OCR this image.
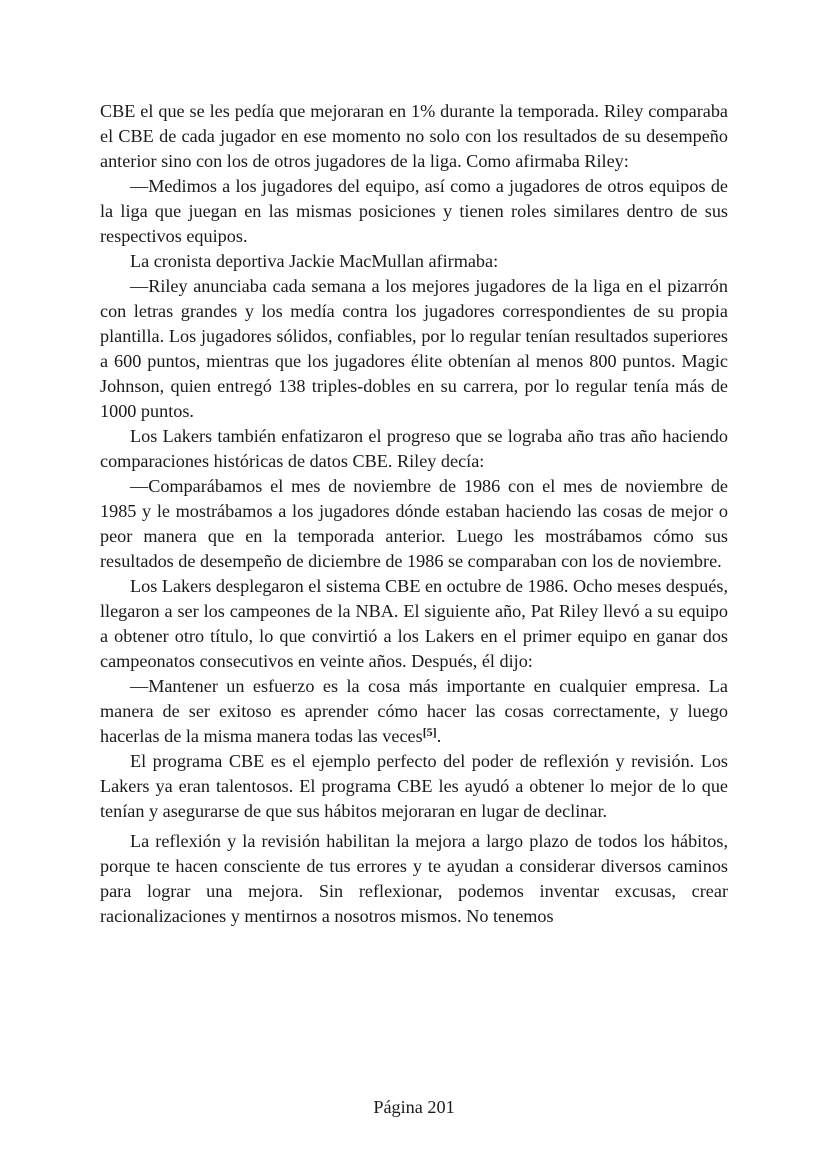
CBE el que se les pedía que mejoraran en 1% durante la temporada. Riley comparaba el CBE de cada jugador en ese momento no solo con los resultados de su desempeño anterior sino con los de otros jugadores de la liga. Como afirmaba Riley:

—Medimos a los jugadores del equipo, así como a jugadores de otros equipos de la liga que juegan en las mismas posiciones y tienen roles similares dentro de sus respectivos equipos.

La cronista deportiva Jackie MacMullan afirmaba:

—Riley anunciaba cada semana a los mejores jugadores de la liga en el pizarrón con letras grandes y los medía contra los jugadores correspondientes de su propia plantilla. Los jugadores sólidos, confiables, por lo regular tenían resultados superiores a 600 puntos, mientras que los jugadores élite obtenían al menos 800 puntos. Magic Johnson, quien entregó 138 triples-dobles en su carrera, por lo regular tenía más de 1000 puntos.

Los Lakers también enfatizaron el progreso que se lograba año tras año haciendo comparaciones históricas de datos CBE. Riley decía:

—Comparábamos el mes de noviembre de 1986 con el mes de noviembre de 1985 y le mostrábamos a los jugadores dónde estaban haciendo las cosas de mejor o peor manera que en la temporada anterior. Luego les mostrábamos cómo sus resultados de desempeño de diciembre de 1986 se comparaban con los de noviembre.

Los Lakers desplegaron el sistema CBE en octubre de 1986. Ocho meses después, llegaron a ser los campeones de la NBA. El siguiente año, Pat Riley llevó a su equipo a obtener otro título, lo que convirtió a los Lakers en el primer equipo en ganar dos campeonatos consecutivos en veinte años. Después, él dijo:

—Mantener un esfuerzo es la cosa más importante en cualquier empresa. La manera de ser exitoso es aprender cómo hacer las cosas correctamente, y luego hacerlas de la misma manera todas las veces[5].

El programa CBE es el ejemplo perfecto del poder de reflexión y revisión. Los Lakers ya eran talentosos. El programa CBE les ayudó a obtener lo mejor de lo que tenían y asegurarse de que sus hábitos mejoraran en lugar de declinar.

La reflexión y la revisión habilitan la mejora a largo plazo de todos los hábitos, porque te hacen consciente de tus errores y te ayudan a considerar diversos caminos para lograr una mejora. Sin reflexionar, podemos inventar excusas, crear racionalizaciones y mentirnos a nosotros mismos. No tenemos

Página 201
